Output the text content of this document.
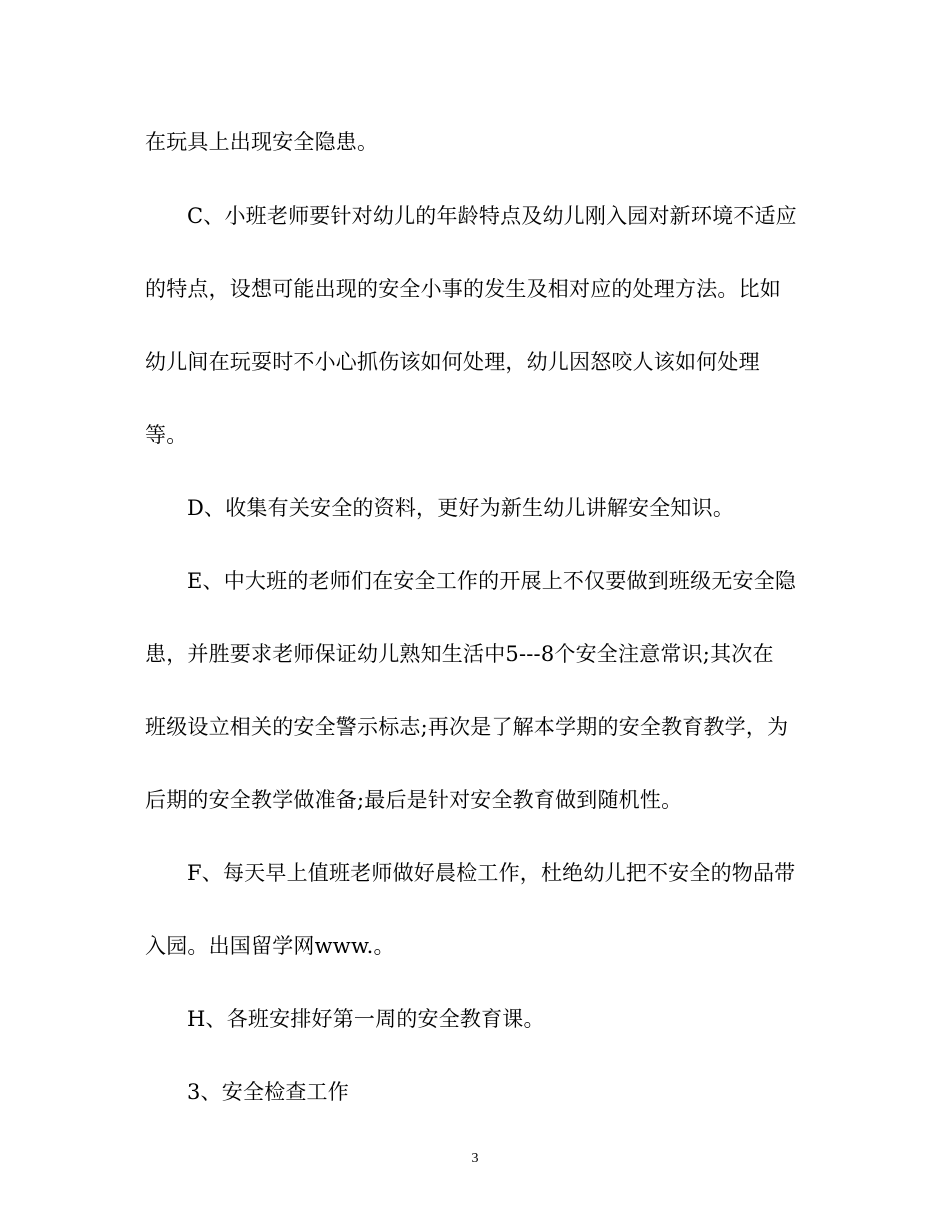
在玩具上出现安全隐患。
C、小班老师要针对幼儿的年龄特点及幼儿刚入园对新环境不适应
的特点，设想可能出现的安全小事的发生及相对应的处理方法。比如
幼儿间在玩耍时不小心抓伤该如何处理，幼儿因怒咬人该如何处理
等。
D、收集有关安全的资料，更好为新生幼儿讲解安全知识。
E、中大班的老师们在安全工作的开展上不仅要做到班级无安全隐
患，并胜要求老师保证幼儿熟知生活中5---8个安全注意常识;其次在
班级设立相关的安全警示标志;再次是了解本学期的安全教育教学，为
后期的安全教学做准备;最后是针对安全教育做到随机性。
F、每天早上值班老师做好晨检工作，杜绝幼儿把不安全的物品带
入园。出国留学网www.。
H、各班安排好第一周的安全教育课。
3、安全检查工作
3
